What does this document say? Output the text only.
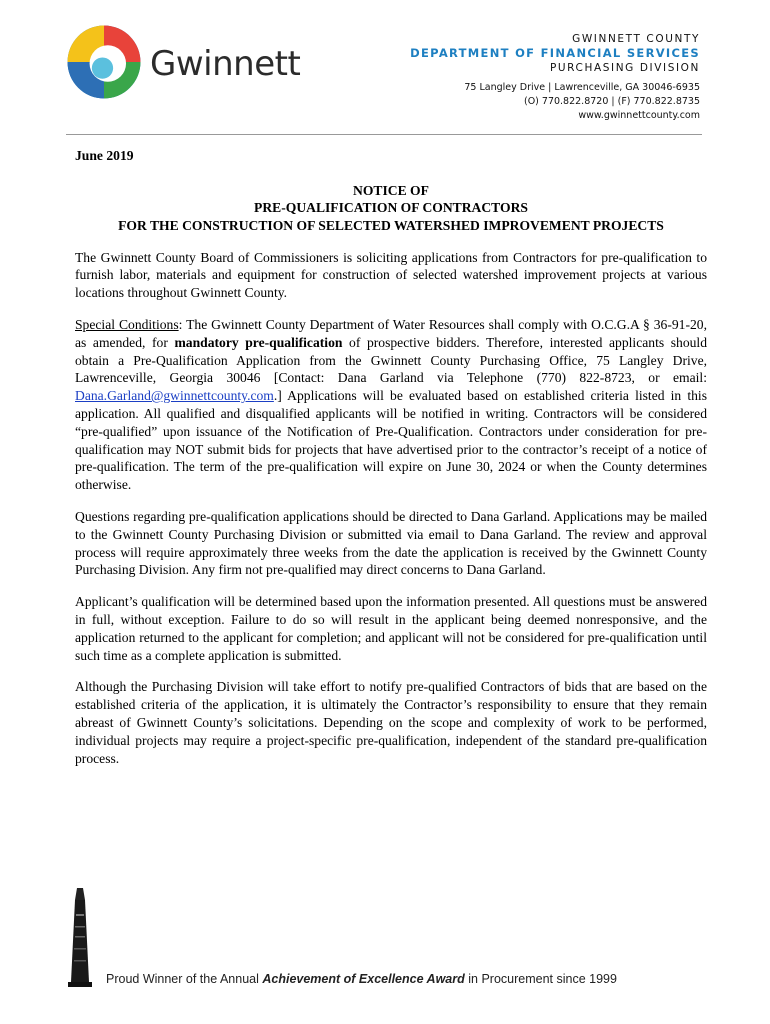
Gwinnett
GWINNETT COUNTY
DEPARTMENT OF FINANCIAL SERVICES
PURCHASING DIVISION
75 Langley Drive | Lawrenceville, GA 30046-6935
(O) 770.822.8720 | (F) 770.822.8735
www.gwinnettcounty.com
June 2019
NOTICE OF
PRE-QUALIFICATION OF CONTRACTORS
FOR THE CONSTRUCTION OF SELECTED WATERSHED IMPROVEMENT PROJECTS

The Gwinnett County Board of Commissioners is soliciting applications from Contractors for pre-qualification to furnish labor, materials and equipment for construction of selected watershed improvement projects at various locations throughout Gwinnett County.

Special Conditions: The Gwinnett County Department of Water Resources shall comply with O.C.G.A § 36-91-20, as amended, for mandatory pre-qualification of prospective bidders. Therefore, interested applicants should obtain a Pre-Qualification Application from the Gwinnett County Purchasing Office, 75 Langley Drive, Lawrenceville, Georgia 30046 [Contact: Dana Garland via Telephone (770) 822-8723, or email: Dana.Garland@gwinnettcounty.com.] Applications will be evaluated based on established criteria listed in this application. All qualified and disqualified applicants will be notified in writing. Contractors will be considered “pre-qualified” upon issuance of the Notification of Pre-Qualification. Contractors under consideration for pre-qualification may NOT submit bids for projects that have advertised prior to the contractor’s receipt of a notice of pre-qualification. The term of the pre-qualification will expire on June 30, 2024 or when the County determines otherwise.

Questions regarding pre-qualification applications should be directed to Dana Garland. Applications may be mailed to the Gwinnett County Purchasing Division or submitted via email to Dana Garland. The review and approval process will require approximately three weeks from the date the application is received by the Gwinnett County Purchasing Division. Any firm not pre-qualified may direct concerns to Dana Garland.

Applicant’s qualification will be determined based upon the information presented. All questions must be answered in full, without exception. Failure to do so will result in the applicant being deemed nonresponsive, and the application returned to the applicant for completion; and applicant will not be considered for pre-qualification until such time as a complete application is submitted.

Although the Purchasing Division will take effort to notify pre-qualified Contractors of bids that are based on the established criteria of the application, it is ultimately the Contractor’s responsibility to ensure that they remain abreast of Gwinnett County’s solicitations. Depending on the scope and complexity of work to be performed, individual projects may require a project-specific pre-qualification, independent of the standard pre-qualification process.

Proud Winner of the Annual Achievement of Excellence Award in Procurement since 1999
